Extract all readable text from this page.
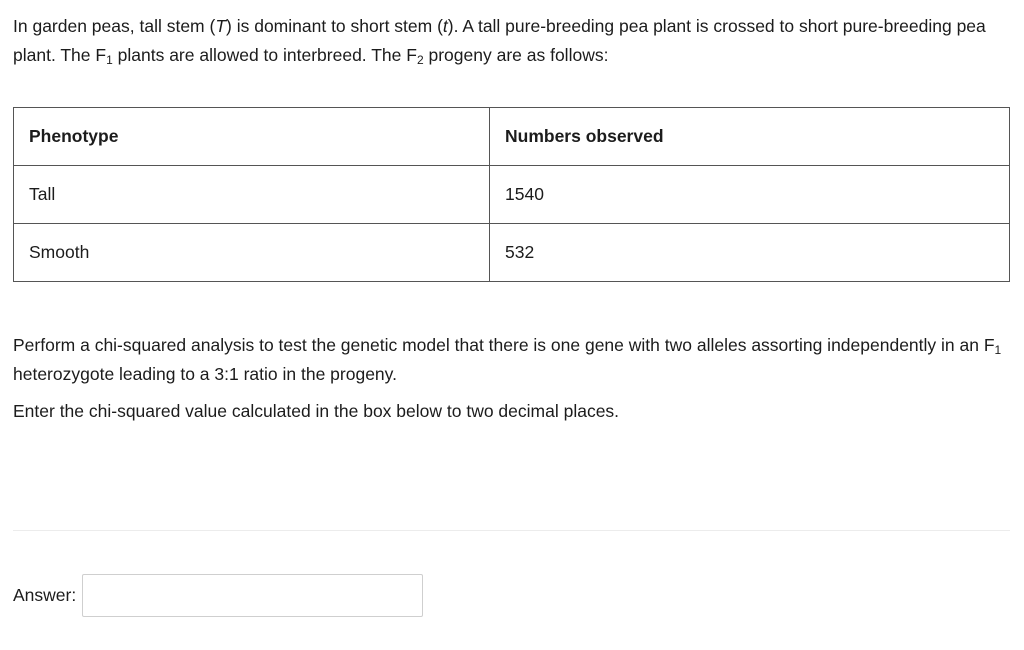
In garden peas, tall stem (T) is dominant to short stem (t). A tall pure-breeding pea plant is crossed to short pure-breeding pea plant. The $F_1$ plants are allowed to interbreed. The $F_2$ progeny are as follows:

Phenotype	Numbers observed
Tall	1540
Smooth	532

Perform a chi-squared analysis to test the genetic model that there is one gene with two alleles assorting independently in an $F_1$ heterozygote leading to a 3:1 ratio in the progeny.

Enter the chi-squared value calculated in the box below to two decimal places.

Answer:
